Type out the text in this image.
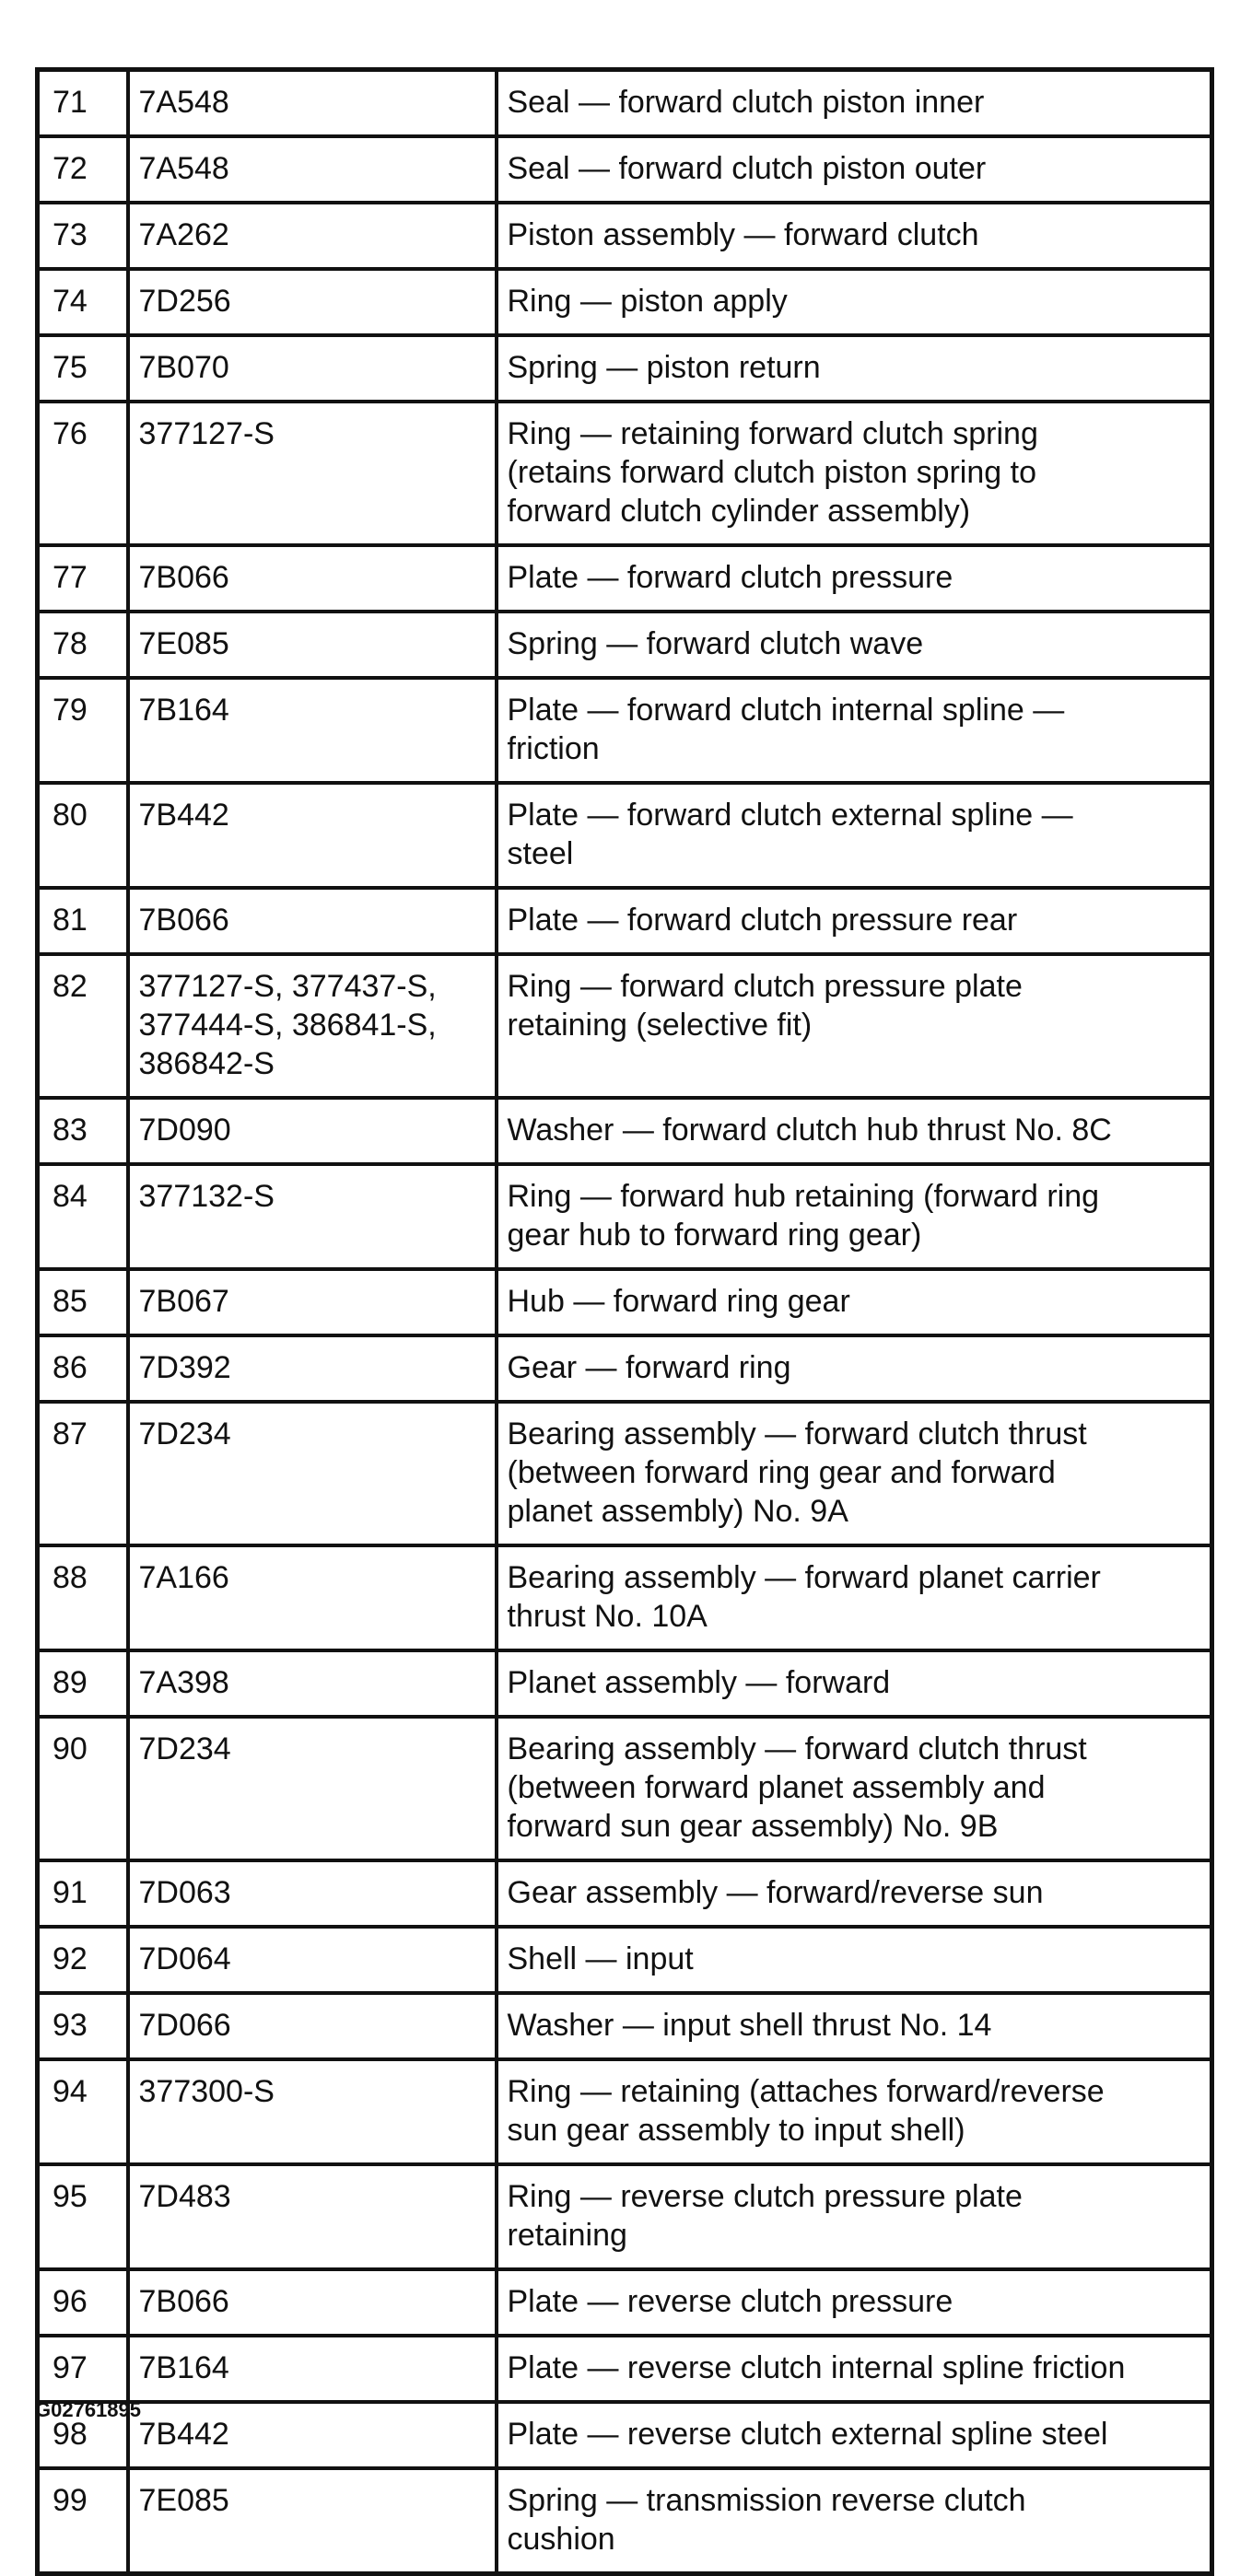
71	7A548	Seal — forward clutch piston inner
72	7A548	Seal — forward clutch piston outer
73	7A262	Piston assembly — forward clutch
74	7D256	Ring — piston apply
75	7B070	Spring — piston return
76	377127-S	Ring — retaining forward clutch spring
(retains forward clutch piston spring to
forward clutch cylinder assembly)
77	7B066	Plate — forward clutch pressure
78	7E085	Spring — forward clutch wave
79	7B164	Plate — forward clutch internal spline —
friction
80	7B442	Plate — forward clutch external spline —
steel
81	7B066	Plate — forward clutch pressure rear
82	377127-S, 377437-S,
377444-S, 386841-S,
386842-S	Ring — forward clutch pressure plate
retaining (selective fit)
83	7D090	Washer — forward clutch hub thrust No. 8C
84	377132-S	Ring — forward hub retaining (forward ring
gear hub to forward ring gear)
85	7B067	Hub — forward ring gear
86	7D392	Gear — forward ring
87	7D234	Bearing assembly — forward clutch thrust
(between forward ring gear and forward
planet assembly) No. 9A
88	7A166	Bearing assembly — forward planet carrier
thrust No. 10A
89	7A398	Planet assembly — forward
90	7D234	Bearing assembly — forward clutch thrust
(between forward planet assembly and
forward sun gear assembly) No. 9B
91	7D063	Gear assembly — forward/reverse sun
92	7D064	Shell — input
93	7D066	Washer — input shell thrust No. 14
94	377300-S	Ring — retaining (attaches forward/reverse
sun gear assembly to input shell)
95	7D483	Ring — reverse clutch pressure plate
retaining
96	7B066	Plate — reverse clutch pressure
97	7B164	Plate — reverse clutch internal spline friction
98	7B442	Plate — reverse clutch external spline steel
99	7E085	Spring — transmission reverse clutch
cushion
G02761895
